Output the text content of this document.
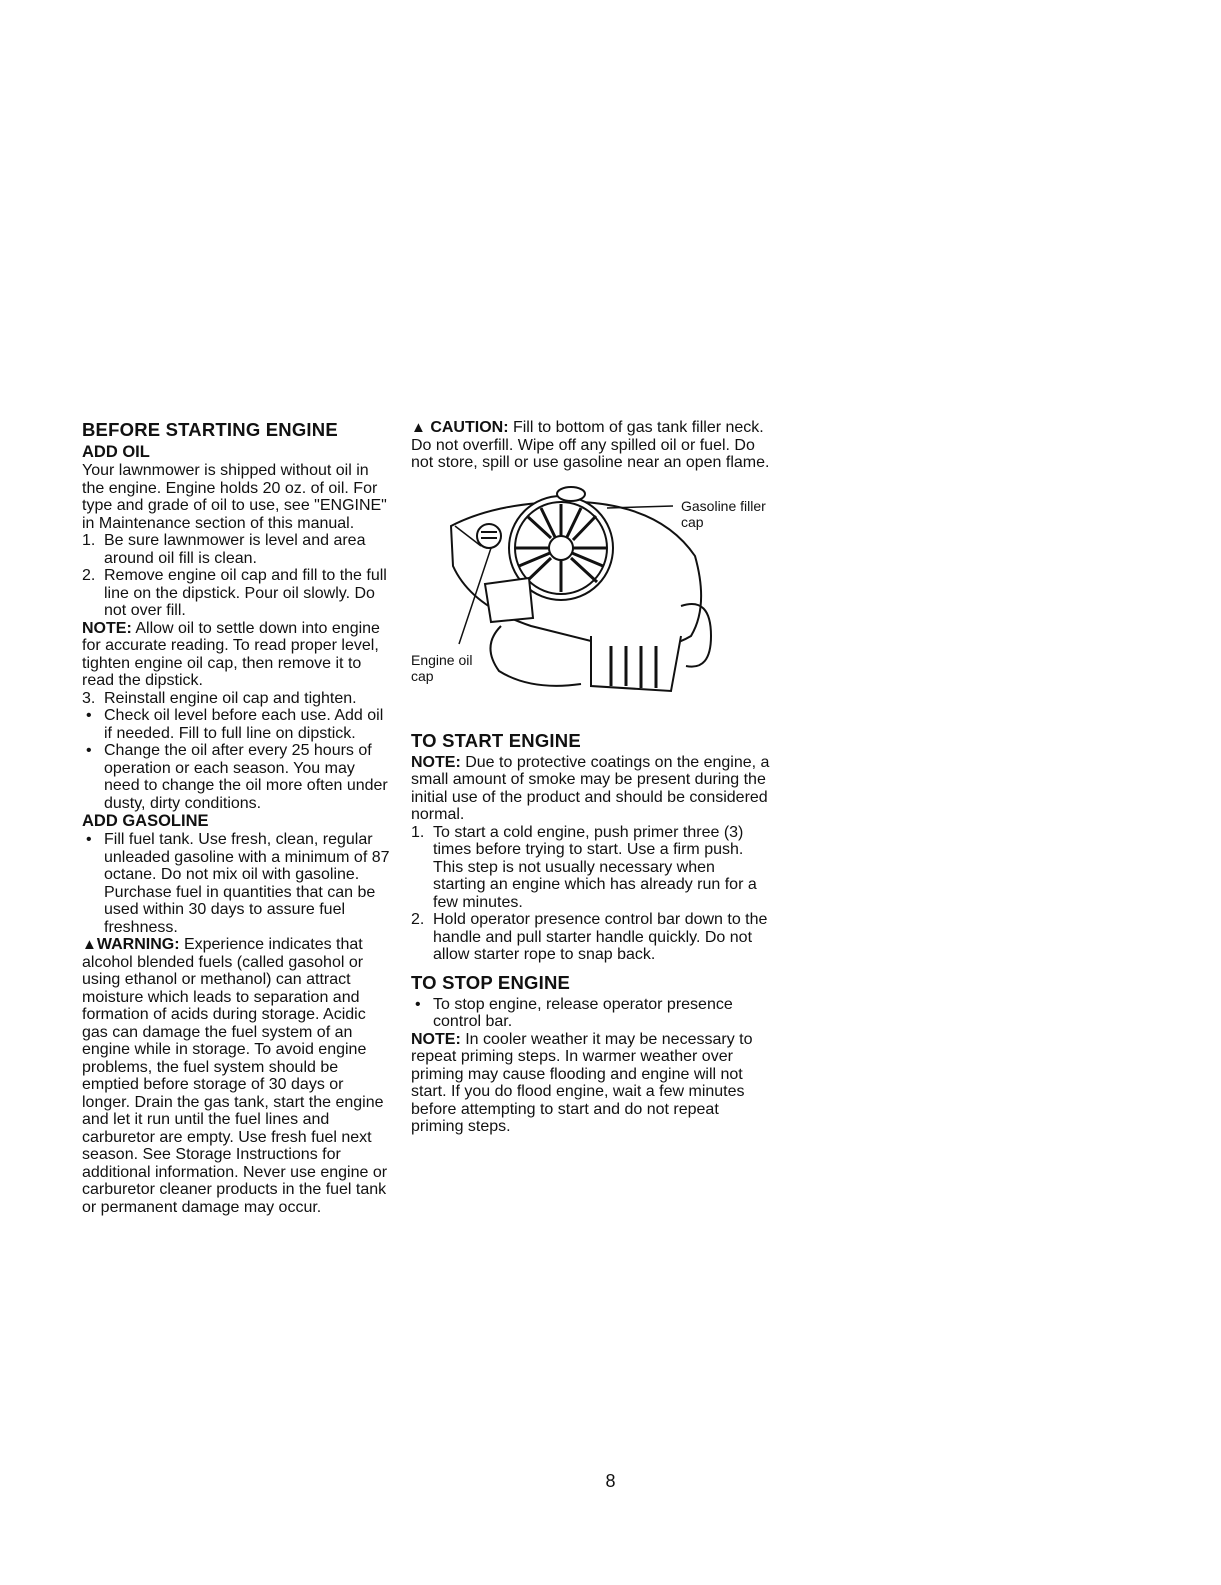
BEFORE STARTING ENGINE
ADD OIL

Your lawnmower is shipped without oil in the engine. Engine holds 20 oz. of oil. For type and grade of oil to use, see "ENGINE" in Maintenance section of this manual.

1. Be sure lawnmower is level and area around oil fill is clean.
2. Remove engine oil cap and fill to the full line on the dipstick. Pour oil slowly. Do not over fill.

NOTE: Allow oil to settle down into engine for accurate reading. To read proper level, tighten engine oil cap, then remove it to read the dipstick.

3. Reinstall engine oil cap and tighten.
• Check oil level before each use. Add oil if needed. Fill to full line on dipstick.
• Change the oil after every 25 hours of operation or each season. You may need to change the oil more often under dusty, dirty conditions.
ADD GASOLINE
• Fill fuel tank. Use fresh, clean, regular unleaded gasoline with a minimum of 87 octane. Do not mix oil with gasoline. Purchase fuel in quantities that can be used within 30 days to assure fuel freshness.

▲WARNING: Experience indicates that alcohol blended fuels (called gasohol or using ethanol or methanol) can attract moisture which leads to separation and formation of acids during storage. Acidic gas can damage the fuel system of an engine while in storage. To avoid engine problems, the fuel system should be emptied before storage of 30 days or longer. Drain the gas tank, start the engine and let it run until the fuel lines and carburetor are empty. Use fresh fuel next season. See Storage Instructions for additional information. Never use engine or carburetor cleaner products in the fuel tank or permanent damage may occur.

▲ CAUTION: Fill to bottom of gas tank filler neck. Do not overfill. Wipe off any spilled oil or fuel. Do not store, spill or use gasoline near an open flame.

Gasoline filler cap
Engine oil cap
TO START ENGINE

NOTE: Due to protective coatings on the engine, a small amount of smoke may be present during the initial use of the product and should be considered normal.

1. To start a cold engine, push primer three (3) times before trying to start. Use a firm push. This step is not usually necessary when starting an engine which has already run for a few minutes.
2. Hold operator presence control bar down to the handle and pull starter handle quickly. Do not allow starter rope to snap back.
TO STOP ENGINE
• To stop engine, release operator presence control bar.

NOTE: In cooler weather it may be necessary to repeat priming steps. In warmer weather over priming may cause flooding and engine will not start. If you do flood engine, wait a few minutes before attempting to start and do not repeat priming steps.

8
